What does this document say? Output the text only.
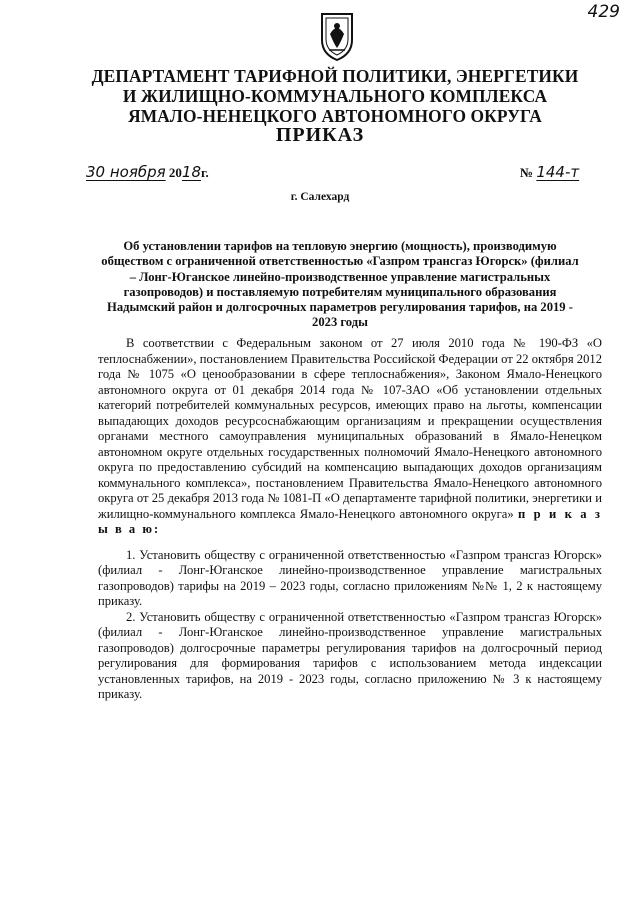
429
ДЕПАРТАМЕНТ ТАРИФНОЙ ПОЛИТИКИ, ЭНЕРГЕТИКИ
И ЖИЛИЩНО-КОММУНАЛЬНОГО КОМПЛЕКСА
ЯМАЛО-НЕНЕЦКОГО АВТОНОМНОГО ОКРУГА
ПРИКАЗ
30 ноября 2018г.	№ 144-т
г. Салехард
Об установлении тарифов на тепловую энергию (мощность), производимую обществом с ограниченной ответственностью «Газпром трансгаз Югорск» (филиал – Лонг-Юганское линейно-производственное управление магистральных газопроводов) и поставляемую потребителям муниципального образования Надымский район и долгосрочных параметров регулирования тарифов, на 2019 - 2023 годы

В соответствии с Федеральным законом от 27 июля 2010 года № 190-ФЗ «О теплоснабжении», постановлением Правительства Российской Федерации от 22 октября 2012 года № 1075 «О ценообразовании в сфере теплоснабжения», Законом Ямало-Ненецкого автономного округа от 01 декабря 2014 года № 107-ЗАО «Об установлении отдельных категорий потребителей коммунальных ресурсов, имеющих право на льготы, компенсации выпадающих доходов ресурсоснабжающим организациям и прекращении осуществления органами местного самоуправления муниципальных образований в Ямало-Ненецком автономном округе отдельных государственных полномочий Ямало-Ненецкого автономного округа по предоставлению субсидий на компенсацию выпадающих доходов организациям коммунального комплекса», постановлением Правительства Ямало-Ненецкого автономного округа от 25 декабря 2013 года № 1081-П «О департаменте тарифной политики, энергетики и жилищно-коммунального комплекса Ямало-Ненецкого автономного округа» п р и к а з ы в а ю:

1. Установить обществу с ограниченной ответственностью «Газпром трансгаз Югорск» (филиал - Лонг-Юганское линейно-производственное управление магистральных газопроводов) тарифы на 2019 – 2023 годы, согласно приложениям №№ 1, 2 к настоящему приказу.

2. Установить обществу с ограниченной ответственностью «Газпром трансгаз Югорск» (филиал - Лонг-Юганское линейно-производственное управление магистральных газопроводов) долгосрочные параметры регулирования тарифов на долгосрочный период регулирования для формирования тарифов с использованием метода индексации установленных тарифов, на 2019 - 2023 годы, согласно приложению № 3 к настоящему приказу.
